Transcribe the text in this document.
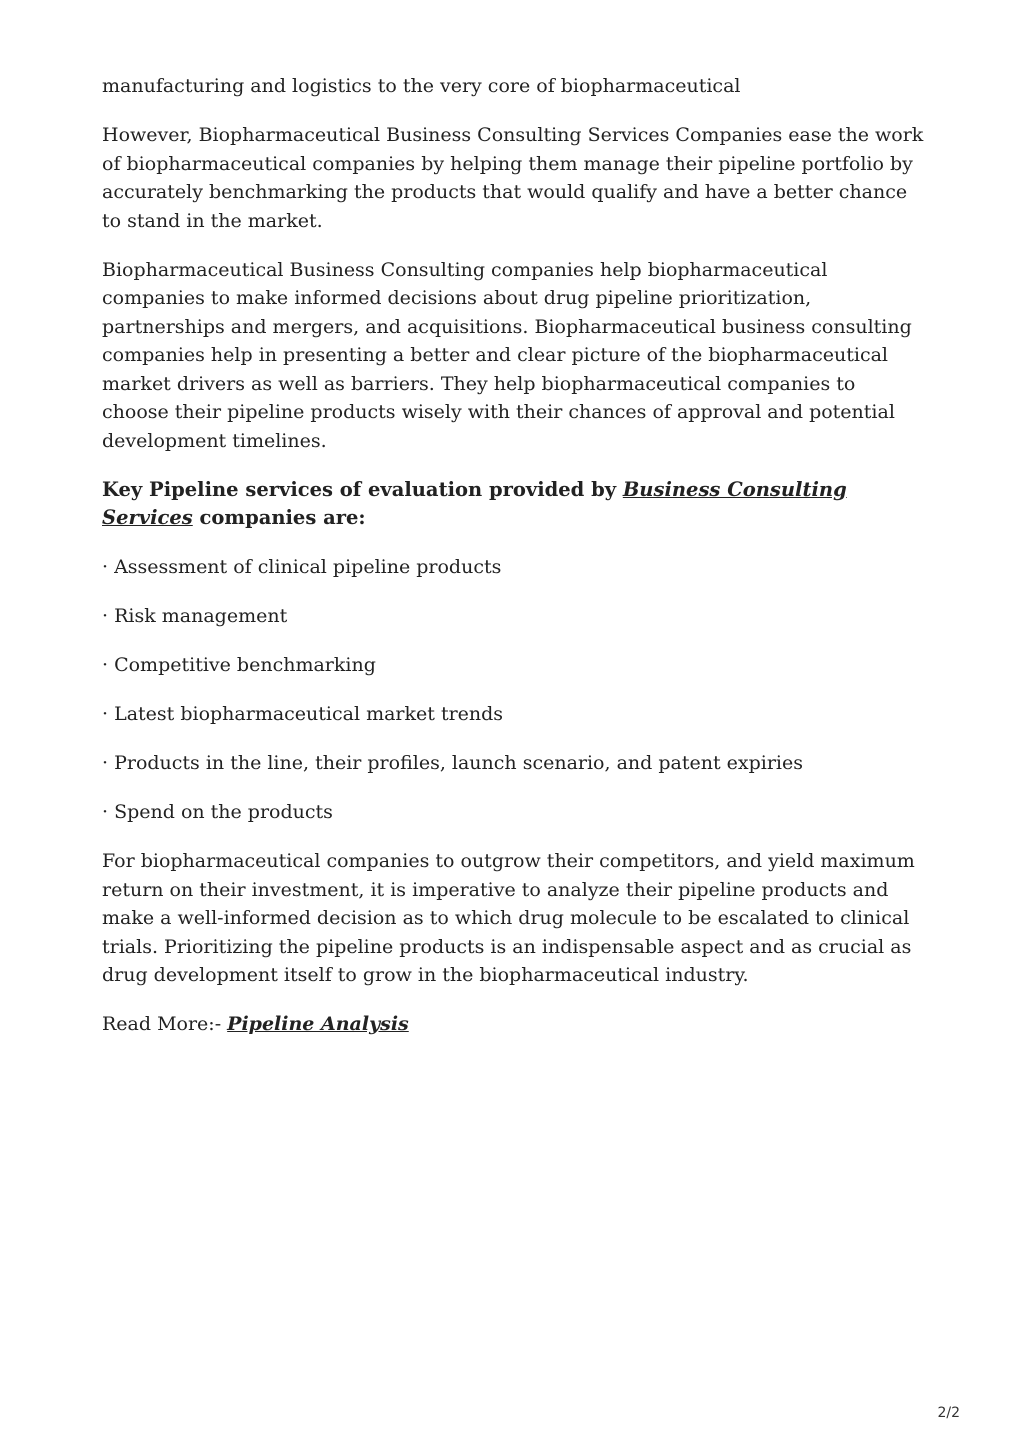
manufacturing and logistics to the very core of biopharmaceutical

However, Biopharmaceutical Business Consulting Services Companies ease the work of biopharmaceutical companies by helping them manage their pipeline portfolio by accurately benchmarking the products that would qualify and have a better chance to stand in the market.

Biopharmaceutical Business Consulting companies help biopharmaceutical companies to make informed decisions about drug pipeline prioritization, partnerships and mergers, and acquisitions. Biopharmaceutical business consulting companies help in presenting a better and clear picture of the biopharmaceutical market drivers as well as barriers. They help biopharmaceutical companies to choose their pipeline products wisely with their chances of approval and potential development timelines.

Key Pipeline services of evaluation provided by Business Consulting Services companies are:

· Assessment of clinical pipeline products

· Risk management

· Competitive benchmarking

· Latest biopharmaceutical market trends

· Products in the line, their profiles, launch scenario, and patent expiries

· Spend on the products

For biopharmaceutical companies to outgrow their competitors, and yield maximum return on their investment, it is imperative to analyze their pipeline products and make a well-informed decision as to which drug molecule to be escalated to clinical trials. Prioritizing the pipeline products is an indispensable aspect and as crucial as drug development itself to grow in the biopharmaceutical industry.

Read More:- Pipeline Analysis

2/2
